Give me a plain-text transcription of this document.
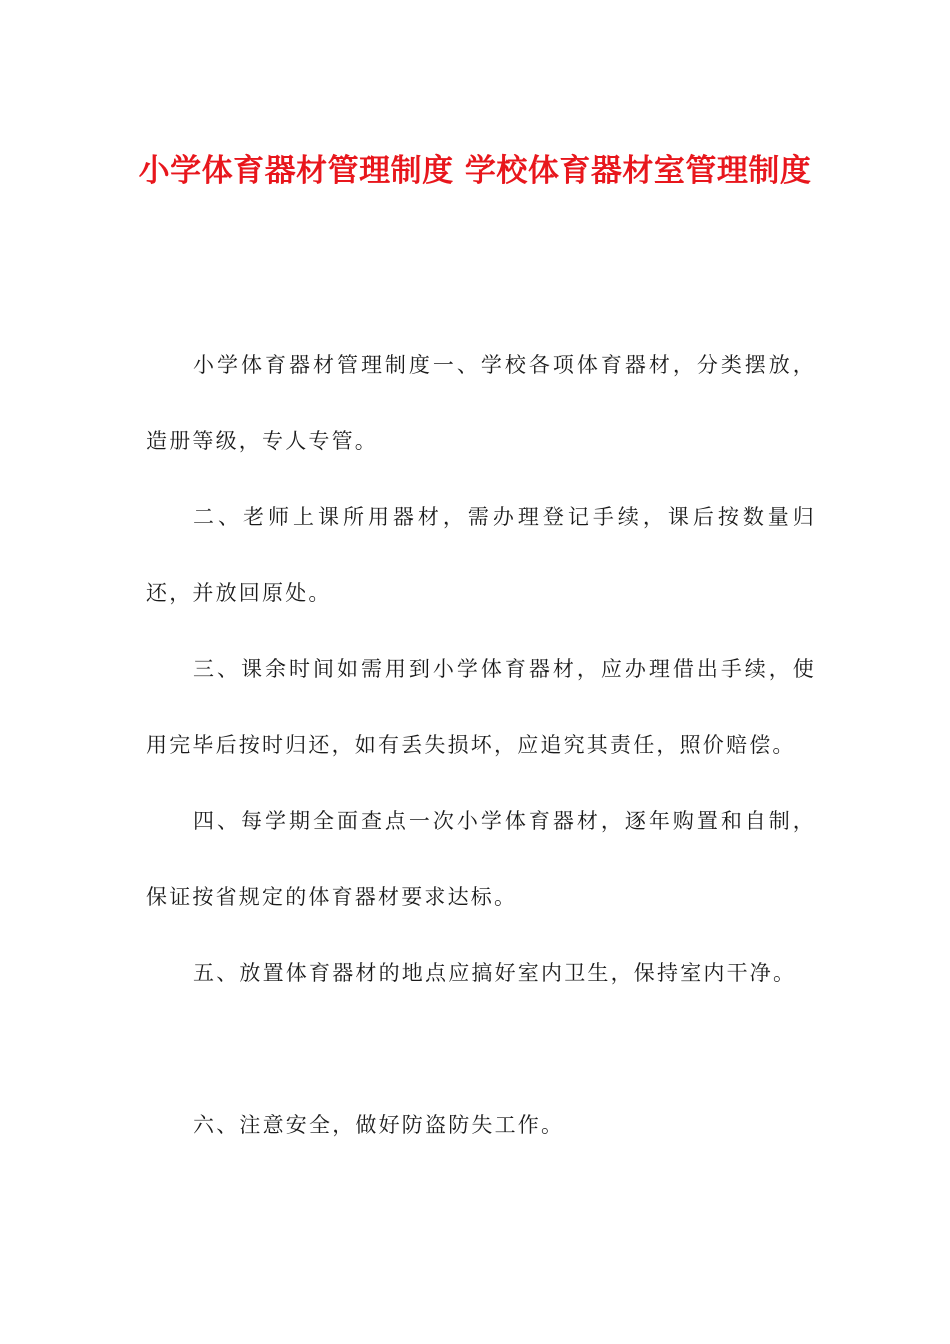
小学体育器材管理制度 学校体育器材室管理制度

小学体育器材管理制度一、学校各项体育器材，分类摆放，造册等级，专人专管。

二、老师上课所用器材，需办理登记手续，课后按数量归还，并放回原处。

三、课余时间如需用到小学体育器材，应办理借出手续，使用完毕后按时归还，如有丢失损坏，应追究其责任，照价赔偿。

四、每学期全面查点一次小学体育器材，逐年购置和自制，保证按省规定的体育器材要求达标。

五、放置体育器材的地点应搞好室内卫生，保持室内干净。

六、注意安全，做好防盗防失工作。
